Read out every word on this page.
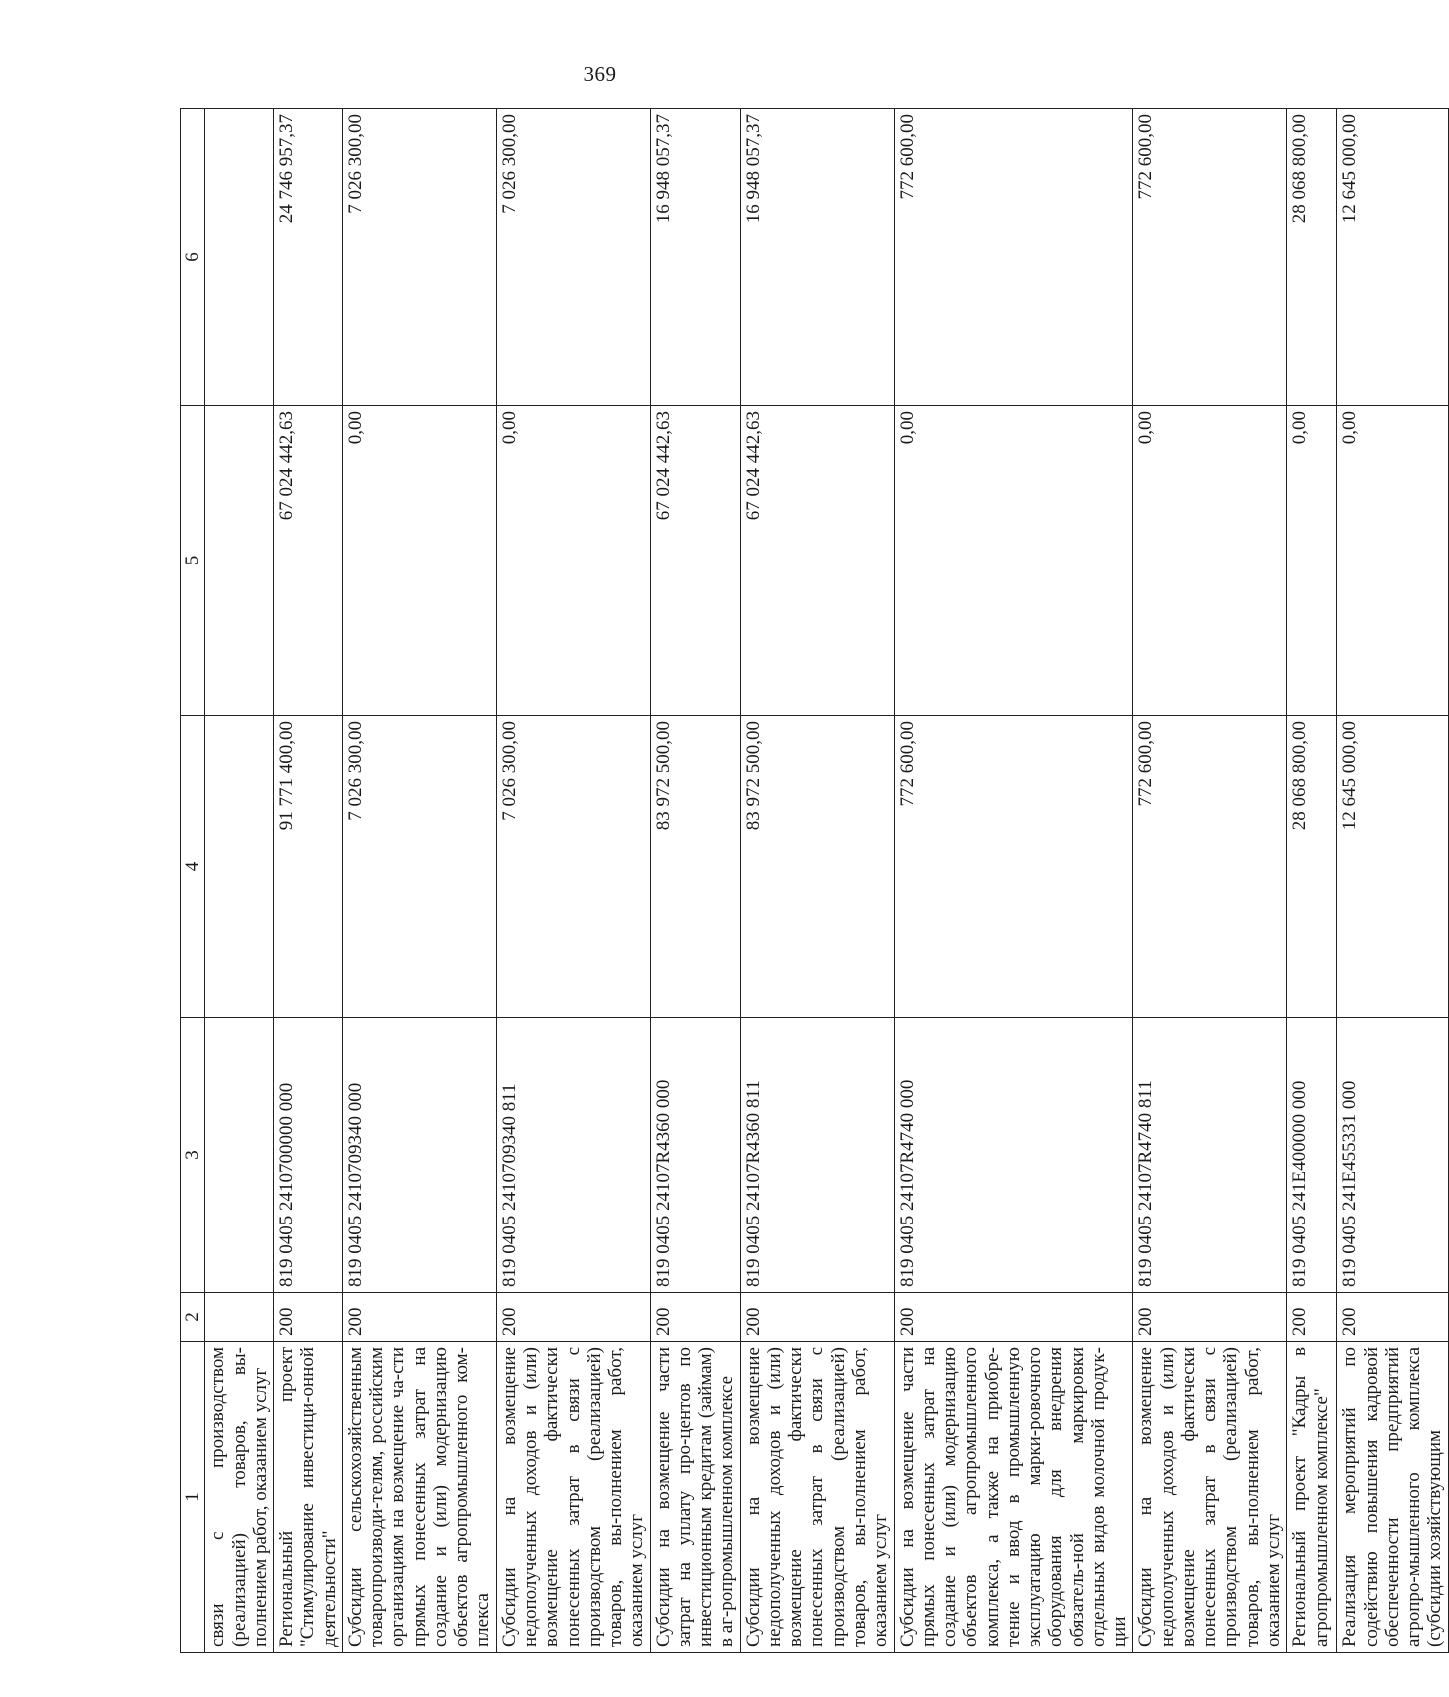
369
1	2	3	4	5	6
связи с производством (реализацией) товаров, вы-полнением работ, оказанием услуг					
Региональный проект "Стимулирование инвестици-онной деятельности"	200	819 0405 2410700000 000	91 771 400,00	67 024 442,63	24 746 957,37
Субсидии сельскохозяйственным товаропроизводи-телям, российским организациям на возмещение ча-сти прямых понесенных затрат на создание и (или) модернизацию объектов агропромышленного ком-плекса	200	819 0405 2410709340 000	7 026 300,00	0,00	7 026 300,00
Субсидии на возмещение недополученных доходов и (или) возмещение фактически понесенных затрат в связи с производством (реализацией) товаров, вы-полнением работ, оказанием услуг	200	819 0405 2410709340 811	7 026 300,00	0,00	7 026 300,00
Субсидии на возмещение части затрат на уплату про-центов по инвестиционным кредитам (займам) в аг-ропромышленном комплексе	200	819 0405 24107R4360 000	83 972 500,00	67 024 442,63	16 948 057,37
Субсидии на возмещение недополученных доходов и (или) возмещение фактически понесенных затрат в связи с производством (реализацией) товаров, вы-полнением работ, оказанием услуг	200	819 0405 24107R4360 811	83 972 500,00	67 024 442,63	16 948 057,37
Субсидии на возмещение части прямых понесенных затрат на создание и (или) модернизацию объектов агропромышленного комплекса, а также на приобре-тение и ввод в промышленную эксплуатацию марки-ровочного оборудования для внедрения обязатель-ной маркировки отдельных видов молочной продук-ции	200	819 0405 24107R4740 000	772 600,00	0,00	772 600,00
Субсидии на возмещение недополученных доходов и (или) возмещение фактически понесенных затрат в связи с производством (реализацией) товаров, вы-полнением работ, оказанием услуг	200	819 0405 24107R4740 811	772 600,00	0,00	772 600,00
Региональный проект "Кадры в агропромышленном комплексе"	200	819 0405 241E400000 000	28 068 800,00	0,00	28 068 800,00
Реализация мероприятий по содействию повышения кадровой обеспеченности предприятий агропро-мышленного комплекса (субсидии хозяйствующим	200	819 0405 241E455331 000	12 645 000,00	0,00	12 645 000,00
